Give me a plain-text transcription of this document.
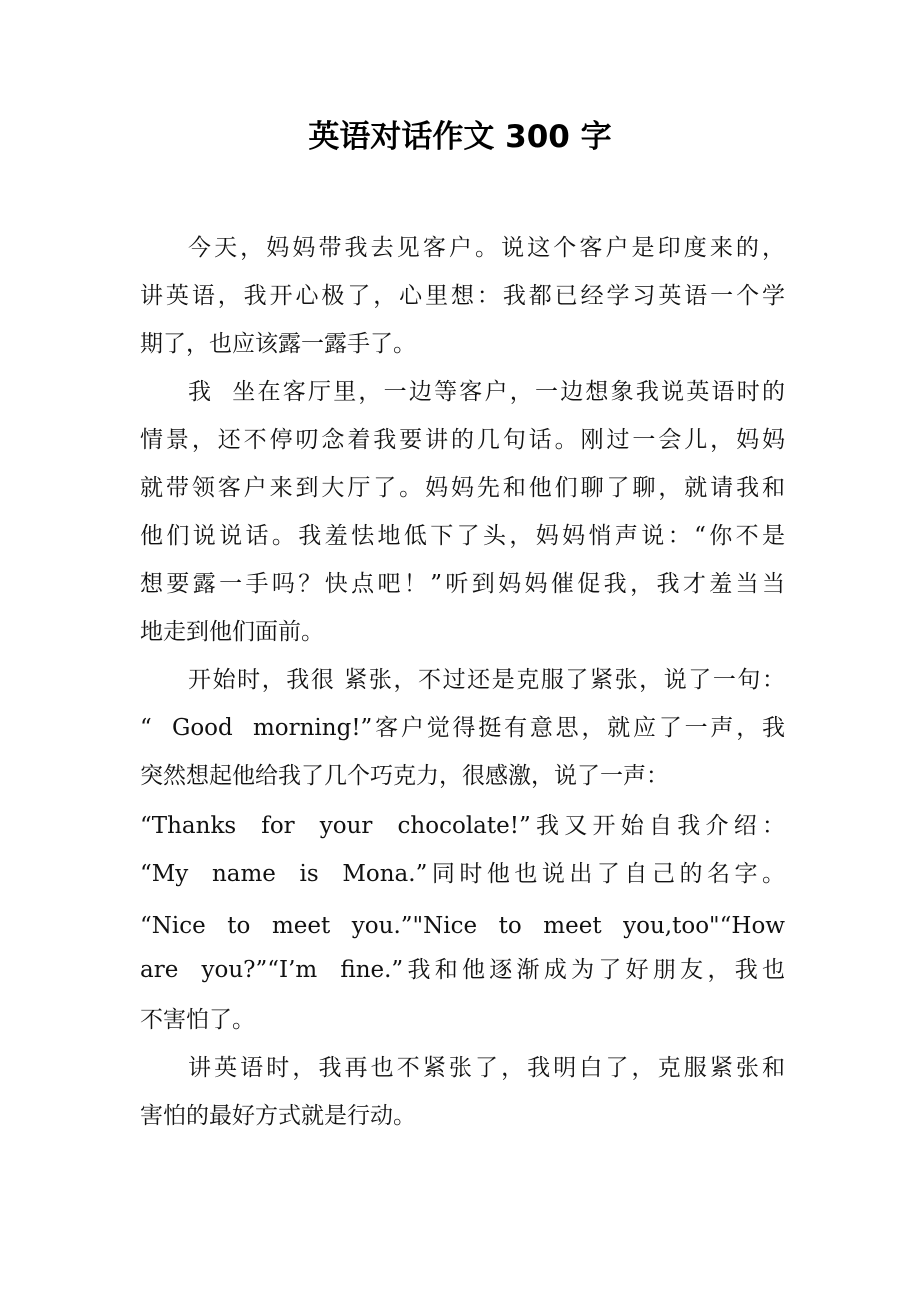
英语对话作文 300 字
今天，妈妈带我去见客户。说这个客户是印度来的，
讲英语，我开心极了，心里想：我都已经学习英语一个学
期了，也应该露一露手了。
我  坐在客厅里，一边等客户，一边想象我说英语时的
情景，还不停叨念着我要讲的几句话。刚过一会儿，妈妈
就带领客户来到大厅了。妈妈先和他们聊了聊，就请我和
他们说说话。我羞怯地低下了头，妈妈悄声说：“你不是
想要露一手吗？快点吧！”听到妈妈催促我，我才羞当当
地走到他们面前。
开始时，我很 紧张，不过还是克服了紧张，说了一句：
“  Good  morning!”客户觉得挺有意思，就应了一声，我
突然想起他给我了几个巧克力，很感激，说了一声：
“Thanks  for  your  chocolate!”我又开始自我介绍：
“My  name  is  Mona.”同时他也说出了自己的名字。
“Nice  to  meet  you.”"Nice  to  meet  you,too"“How
are  you?”“I’m  fine.”我和他逐渐成为了好朋友，我也
不害怕了。
讲英语时，我再也不紧张了，我明白了，克服紧张和
害怕的最好方式就是行动。
